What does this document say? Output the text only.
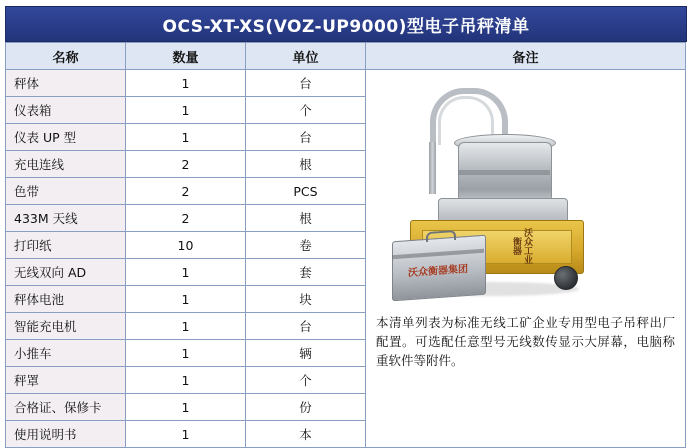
OCS-XT-XS(VOZ-UP9000)型电子吊秤清单
名称	数量	单位	备注
秤体	1	台	沃众工业衡器
沃众衡器集团
本清单列表为标准无线工矿企业专用型电子吊秤出厂配置。可选配任意型号无线数传显示大屏幕，电脑称重软件等附件。

仪表箱	1	个	
仪表 UP 型	1	台	
充电连线	2	根	
色带	2	PCS	
433M 天线	2	根	
打印纸	10	卷	
无线双向 AD	1	套	
秤体电池	1	块	
智能充电机	1	台	
小推车	1	辆	
秤罩	1	个	
合格证、保修卡	1	份	
使用说明书	1	本	
